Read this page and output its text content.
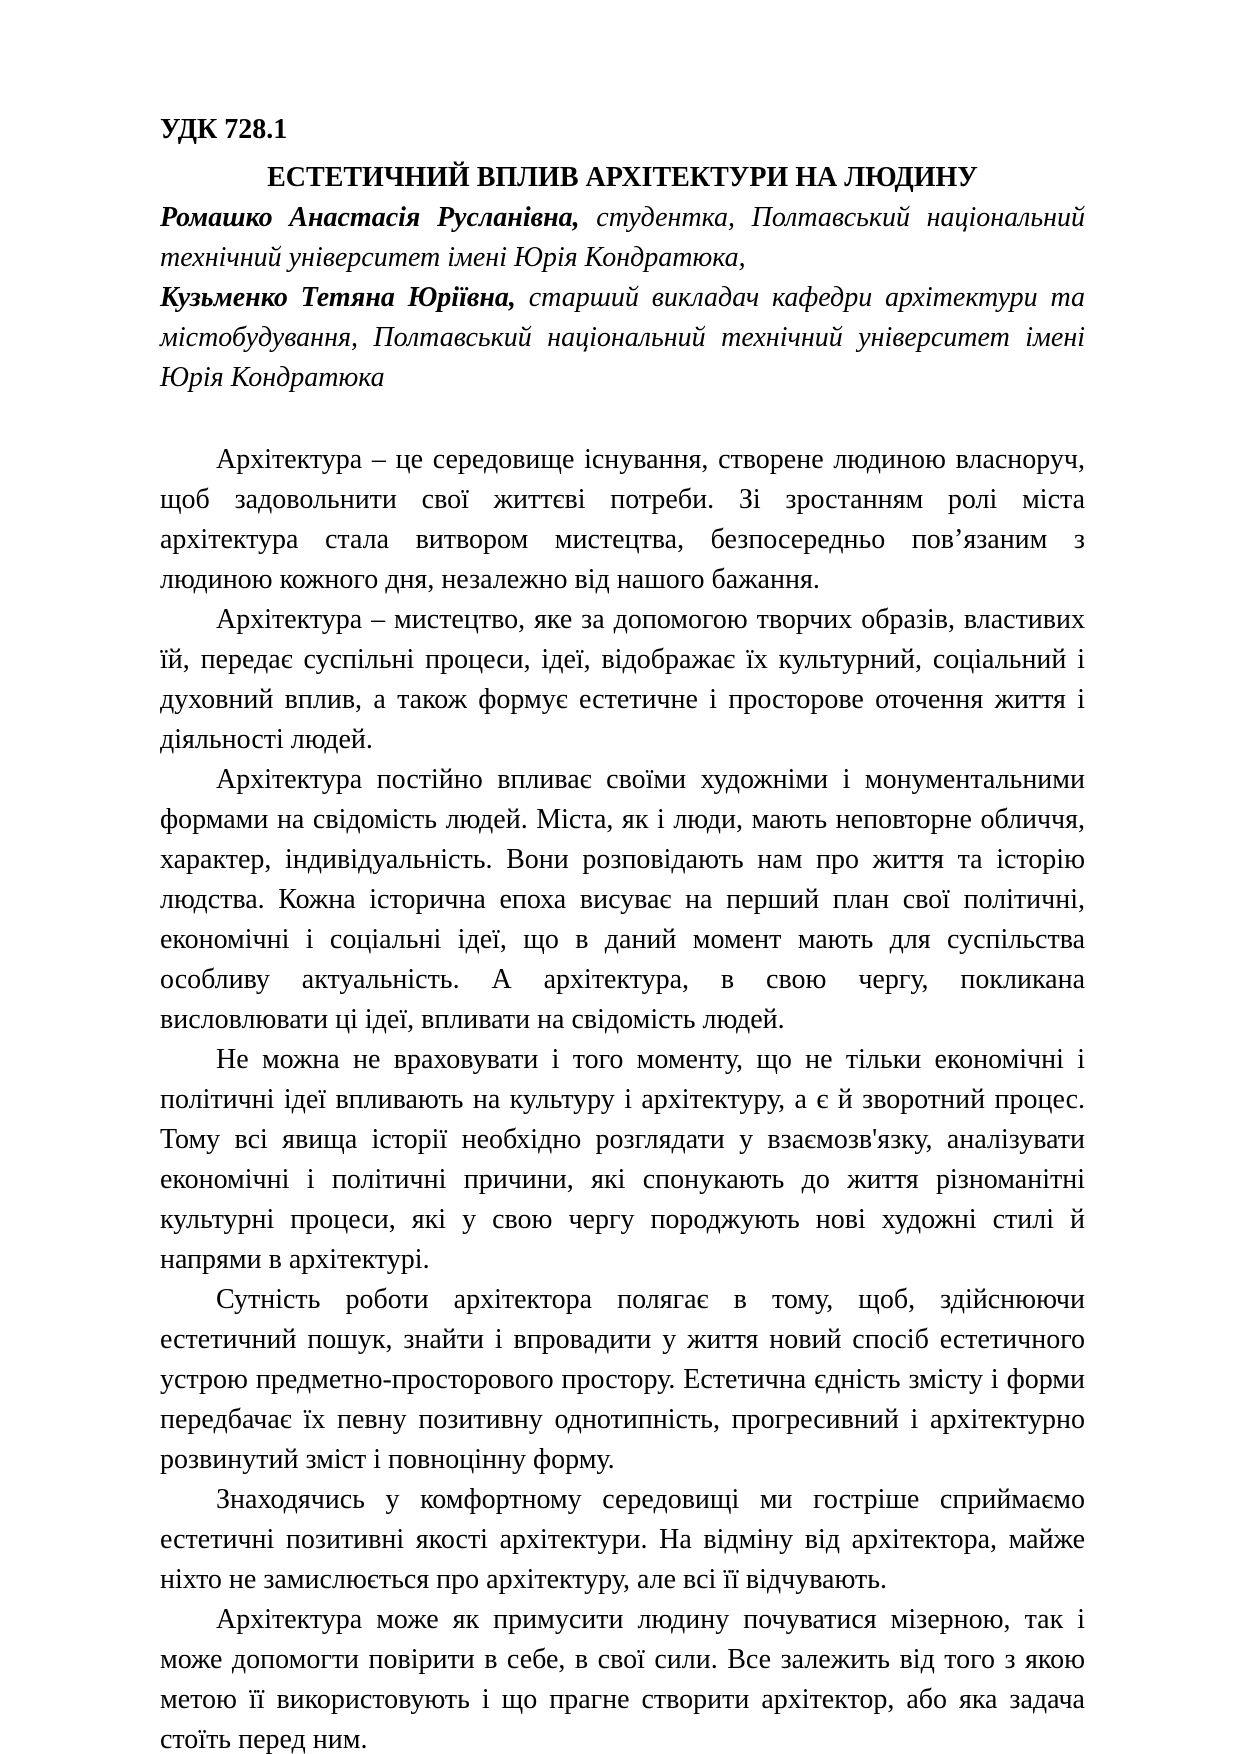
УДК 728.1

ЕСТЕТИЧНИЙ ВПЛИВ АРХІТЕКТУРИ НА ЛЮДИНУ

Ромашко Анастасія Русланівна, студентка, Полтавський національний технічний університет імені Юрія Кондратюка,

Кузьменко Тетяна Юріївна, старший викладач кафедри архітектури та містобудування, Полтавський національний технічний університет імені Юрія Кондратюка

Архітектура – це середовище існування, створене людиною власноруч, щоб задовольнити свої життєві потреби. Зі зростанням ролі міста архітектура стала витвором мистецтва, безпосередньо пов’язаним з людиною кожного дня, незалежно від нашого бажання.

Архітектура – мистецтво, яке за допомогою творчих образів, властивих їй, передає суспільні процеси, ідеї, відображає їх культурний, соціальний і духовний вплив, а також формує естетичне і просторове оточення життя і діяльності людей.

Архітектура постійно впливає своїми художніми і монументальними формами на свідомість людей. Міста, як і люди, мають неповторне обличчя, характер, індивідуальність. Вони розповідають нам про життя та історію людства. Кожна історична епоха висуває на перший план свої політичні, економічні і соціальні ідеї, що в даний момент мають для суспільства особливу актуальність. А архітектура, в свою чергу, покликана висловлювати ці ідеї, впливати на свідомість людей.

Не можна не враховувати і того моменту, що не тільки економічні і політичні ідеї впливають на культуру і архітектуру, а є й зворотний процес. Тому всі явища історії необхідно розглядати у взаємозв'язку, аналізувати економічні і політичні причини, які спонукають до життя різноманітні культурні процеси, які у свою чергу породжують нові художні стилі й напрями в архітектурі.

Сутність роботи архітектора полягає в тому, щоб, здійснюючи естетичний пошук, знайти і впровадити у життя новий спосіб естетичного устрою предметно-просторового простору. Естетична єдність змісту і форми передбачає їх певну позитивну однотипність, прогресивний і архітектурно розвинутий зміст і повноцінну форму.

Знаходячись у комфортному середовищі ми гостріше сприймаємо естетичні позитивні якості архітектури. На відміну від архітектора, майже ніхто не замислюється про архітектуру, але всі її відчувають.

Архітектура може як примусити людину почуватися мізерною, так і може допомогти повірити в себе, в свої сили. Все залежить від того з якою метою її використовують і що прагне створити архітектор, або яка задача стоїть перед ним.
